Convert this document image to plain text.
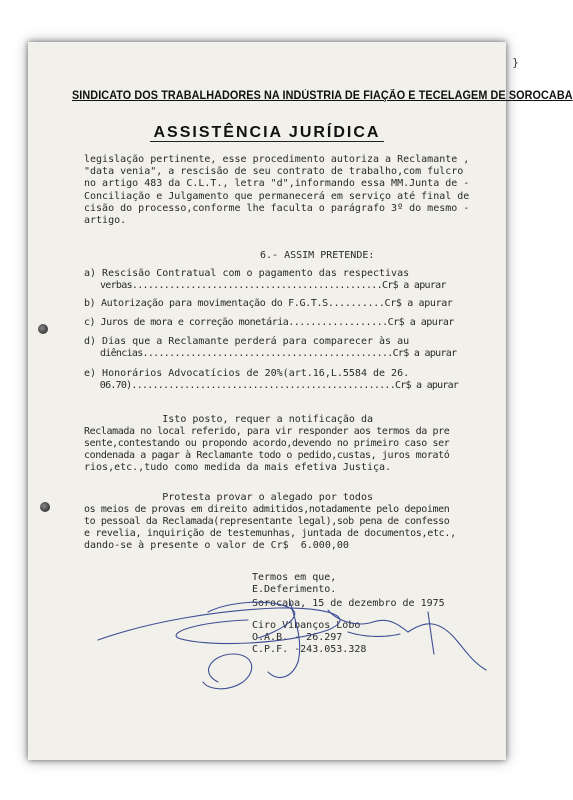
SINDICATO DOS TRABALHADORES NA INDÚSTRIA DE FIAÇÃO E TECELAGEM DE SOROCABA
ASSISTÊNCIA JURÍDICA
legislação pertinente, esse procedimento autoriza a Reclamante ,
"data venia", a rescisão de seu contrato de trabalho,com fulcro
no artigo 483 da C.L.T., letra "d",informando essa MM.Junta de -
Conciliação e Julgamento que permanecerá em serviço até final de
cisão do processo,conforme lhe faculta o parágrafo 3º do mesmo -
artigo.
6.- ASSIM PRETENDE:
a) Rescisão Contratual com o pagamento das respectivas
verbas...............................................Cr$ a apurar
b) Autorização para movimentação do F.G.T.S..........Cr$ a apurar
c) Juros de mora e correção monetária..................Cr$ a apurar
d) Dias que a Reclamante perderá para comparecer às au
diências...............................................Cr$ a apurar
e) Honorários Advocatícios de 20%(art.16,L.5584 de 26.
06.70)..................................................Cr$ a apurar
Isto posto, requer a notificação da
Reclamada no local referido, para vir responder aos termos da pre
sente,contestando ou propondo acordo,devendo no primeiro caso ser
condenada a pagar à Reclamante todo o pedido,custas, juros morató
rios,etc.,tudo como medida da mais efetiva Justiça.
Protesta provar o alegado por todos
os meios de provas em direito admitidos,notadamente pelo depoimen
to pessoal da Reclamada(representante legal),sob pena de confesso
e revelia, inquirição de testemunhas, juntada de documentos,etc.,
dando-se à presente o valor de Cr$  6.000,00
Termos em que,
E.Deferimento.
Sorocaba, 15 de dezembro de 1975
Ciro Vibanços Lobo
O.A.B. - 26.297
C.P.F. -243.053.328
}
